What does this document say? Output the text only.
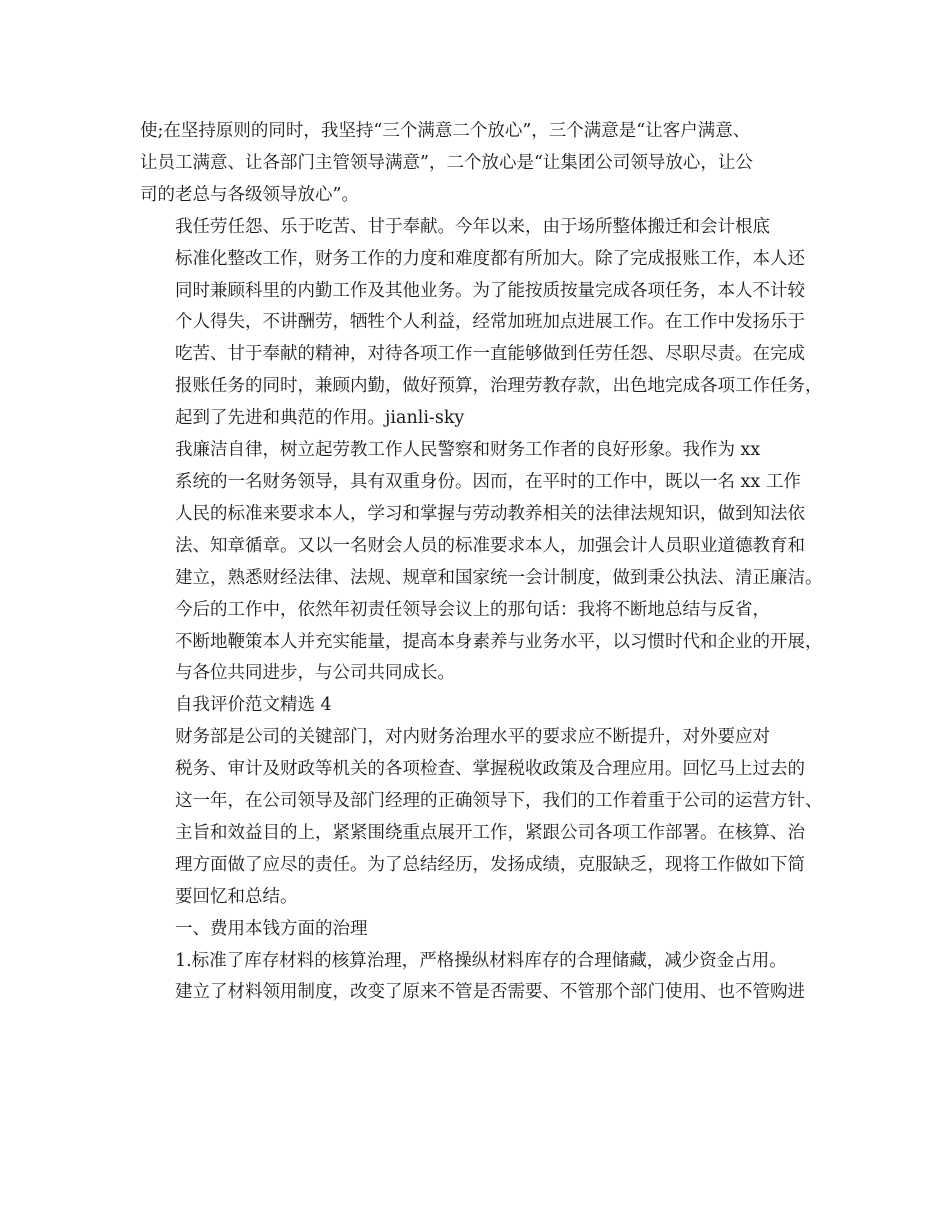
使;在坚持原则的同时，我坚持“三个满意二个放心”，三个满意是“让客户满意、
让员工满意、让各部门主管领导满意”，二个放心是“让集团公司领导放心，让公
司的老总与各级领导放心”。

我任劳任怨、乐于吃苦、甘于奉献。今年以来，由于场所整体搬迁和会计根底
标准化整改工作，财务工作的力度和难度都有所加大。除了完成报账工作，本人还
同时兼顾科里的内勤工作及其他业务。为了能按质按量完成各项任务，本人不计较
个人得失，不讲酬劳，牺牲个人利益，经常加班加点进展工作。在工作中发扬乐于
吃苦、甘于奉献的精神，对待各项工作一直能够做到任劳任怨、尽职尽责。在完成
报账任务的同时，兼顾内勤，做好预算，治理劳教存款，出色地完成各项工作任务，
起到了先进和典范的作用。jianli-sky

我廉洁自律，树立起劳教工作人民警察和财务工作者的良好形象。我作为 xx
系统的一名财务领导，具有双重身份。因而，在平时的工作中，既以一名 xx 工作
人民的标准来要求本人，学习和掌握与劳动教养相关的法律法规知识，做到知法依
法、知章循章。又以一名财会人员的标准要求本人，加强会计人员职业道德教育和
建立，熟悉财经法律、法规、规章和国家统一会计制度，做到秉公执法、清正廉洁。

今后的工作中，依然年初责任领导会议上的那句话：我将不断地总结与反省，
不断地鞭策本人并充实能量，提高本身素养与业务水平，以习惯时代和企业的开展，
与各位共同进步，与公司共同成长。

自我评价范文精选 4

财务部是公司的关键部门，对内财务治理水平的要求应不断提升，对外要应对
税务、审计及财政等机关的各项检查、掌握税收政策及合理应用。回忆马上过去的
这一年，在公司领导及部门经理的正确领导下，我们的工作着重于公司的运营方针、
主旨和效益目的上，紧紧围绕重点展开工作，紧跟公司各项工作部署。在核算、治
理方面做了应尽的责任。为了总结经历，发扬成绩，克服缺乏，现将工作做如下简
要回忆和总结。

一、费用本钱方面的治理

1.标准了库存材料的核算治理，严格操纵材料库存的合理储藏，减少资金占用。
建立了材料领用制度，改变了原来不管是否需要、不管那个部门使用、也不管购进
